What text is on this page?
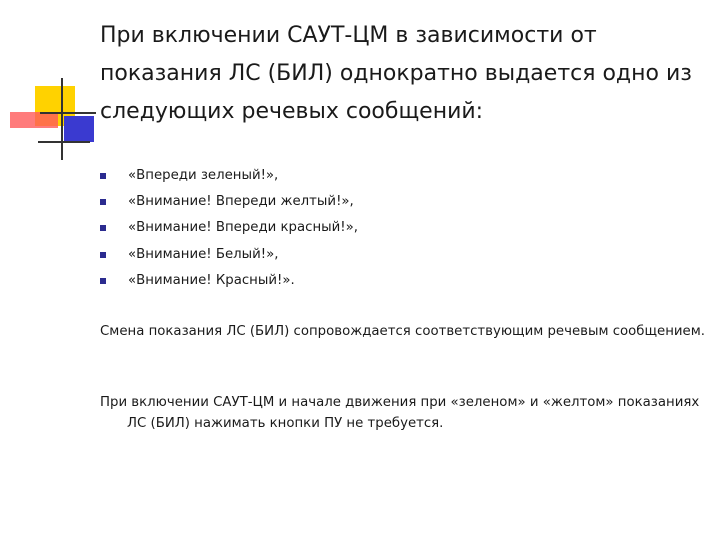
При включении САУТ-ЦМ в зависимости от показания ЛС (БИЛ) однократно выдается одно из следующих речевых сообщений:
«Впереди зеленый!»,
«Внимание! Впереди желтый!»,
«Внимание! Впереди красный!»,
«Внимание! Белый!»,
«Внимание! Красный!».

Смена показания ЛС (БИЛ) сопровождается соответствующим речевым сообщением.

При включении САУТ-ЦМ и начале движения при «зеленом» и «желтом» показаниях ЛС (БИЛ) нажимать кнопки ПУ не требуется.
